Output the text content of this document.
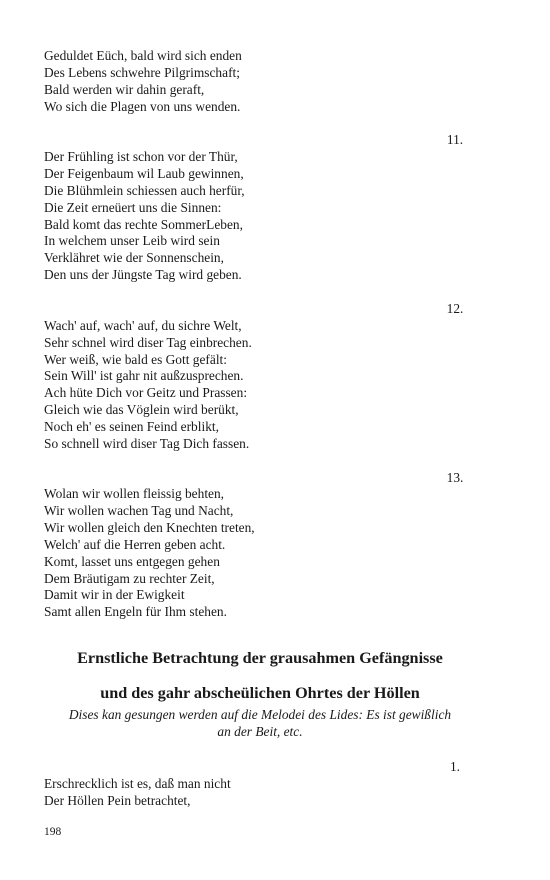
Geduldet Eüch, bald wird sich enden
Des Lebens schwehre Pilgrimschaft;
Bald werden wir dahin geraft,
Wo sich die Plagen von uns wenden.
11.
Der Frühling ist schon vor der Thür,
Der Feigenbaum wil Laub gewinnen,
Die Blühmlein schiessen auch herfür,
Die Zeit erneüert uns die Sinnen:
Bald komt das rechte SommerLeben,
In welchem unser Leib wird sein
Verklähret wie der Sonnenschein,
Den uns der Jüngste Tag wird geben.
12.
Wach' auf, wach' auf, du sichre Welt,
Sehr schnel wird diser Tag einbrechen.
Wer weiß, wie bald es Gott gefält:
Sein Will' ist gahr nit außzusprechen.
Ach hüte Dich vor Geitz und Prassen:
Gleich wie das Vöglein wird berükt,
Noch eh' es seinen Feind erblikt,
So schnell wird diser Tag Dich fassen.
13.
Wolan wir wollen fleissig behten,
Wir wollen wachen Tag und Nacht,
Wir wollen gleich den Knechten treten,
Welch' auf die Herren geben acht.
Komt, lasset uns entgegen gehen
Dem Bräutigam zu rechter Zeit,
Damit wir in der Ewigkeit
Samt allen Engeln für Ihm stehen.
Ernstliche Betrachtung der grausahmen Gefängnisse
und des gahr abscheülichen Ohrtes der Höllen
Dises kan gesungen werden auf die Melodei des Lides: Es ist gewißlich
an der Beit, etc.
1.
Erschrecklich ist es, daß man nicht
Der Höllen Pein betrachtet,
198
